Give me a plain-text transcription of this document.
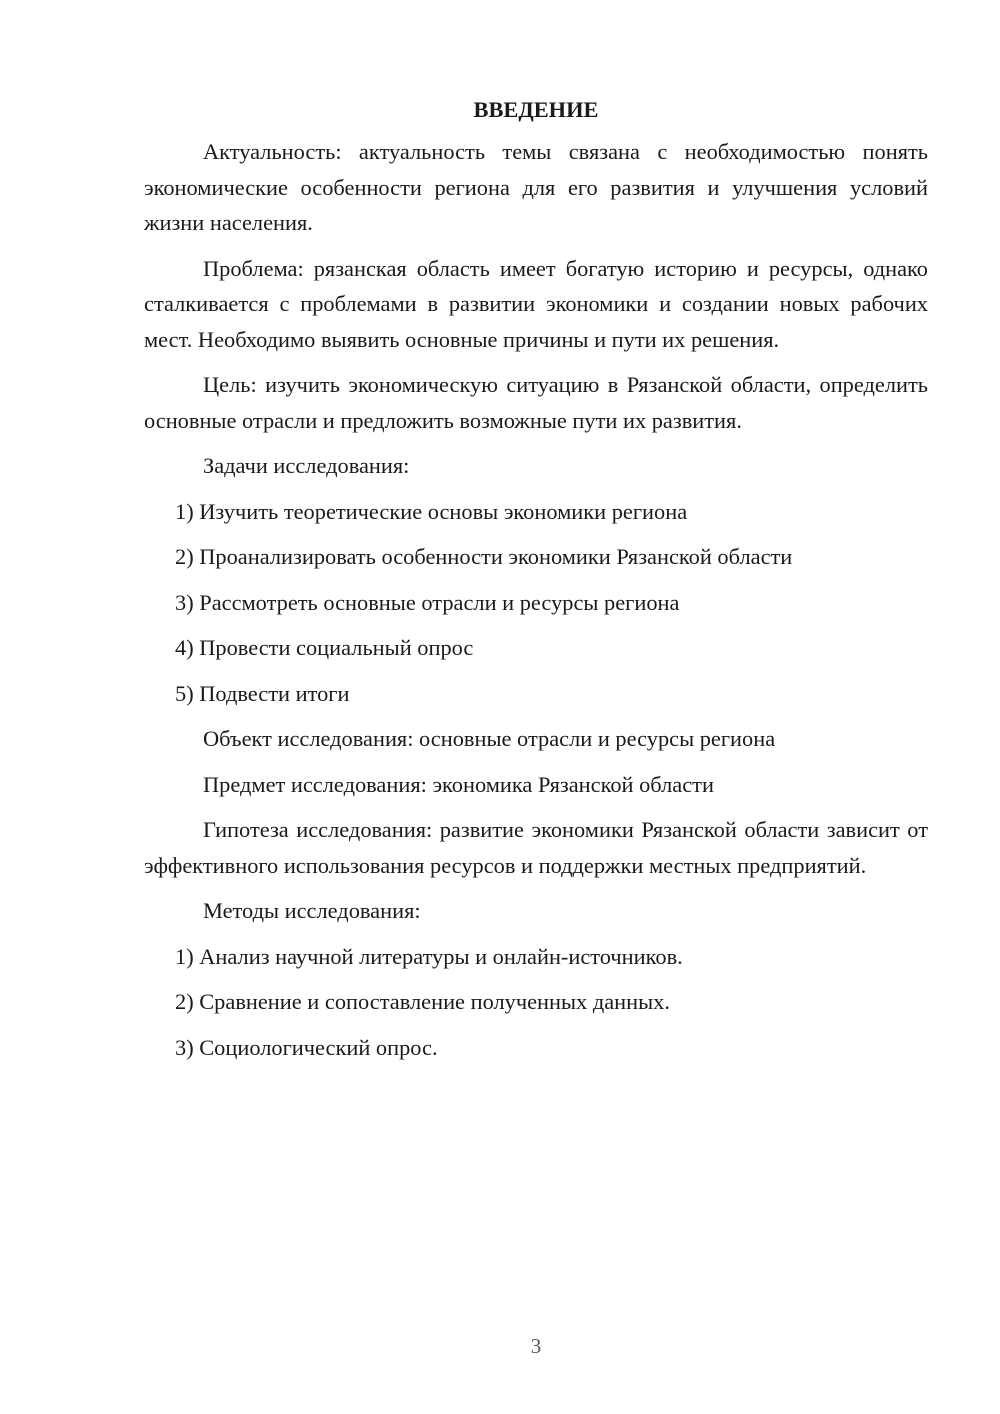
ВВЕДЕНИЕ
Актуальность: актуальность темы связана с необходимостью понять экономические особенности региона для его развития и улучшения условий жизни населения.
Проблема: рязанская область имеет богатую историю и ресурсы, однако сталкивается с проблемами в развитии экономики и создании новых рабочих мест. Необходимо выявить основные причины и пути их решения.
Цель: изучить экономическую ситуацию в Рязанской области, определить основные отрасли и предложить возможные пути их развития.
Задачи исследования:
1) Изучить теоретические основы экономики региона
2) Проанализировать особенности экономики Рязанской области
3) Рассмотреть основные отрасли и ресурсы региона
4) Провести социальный опрос
5) Подвести итоги
Объект исследования: основные отрасли и ресурсы региона
Предмет исследования: экономика Рязанской области
Гипотеза исследования: развитие экономики Рязанской области зависит от эффективного использования ресурсов и поддержки местных предприятий.
Методы исследования:
1) Анализ научной литературы и онлайн-источников.
2) Сравнение и сопоставление полученных данных.
3) Социологический опрос.
3
